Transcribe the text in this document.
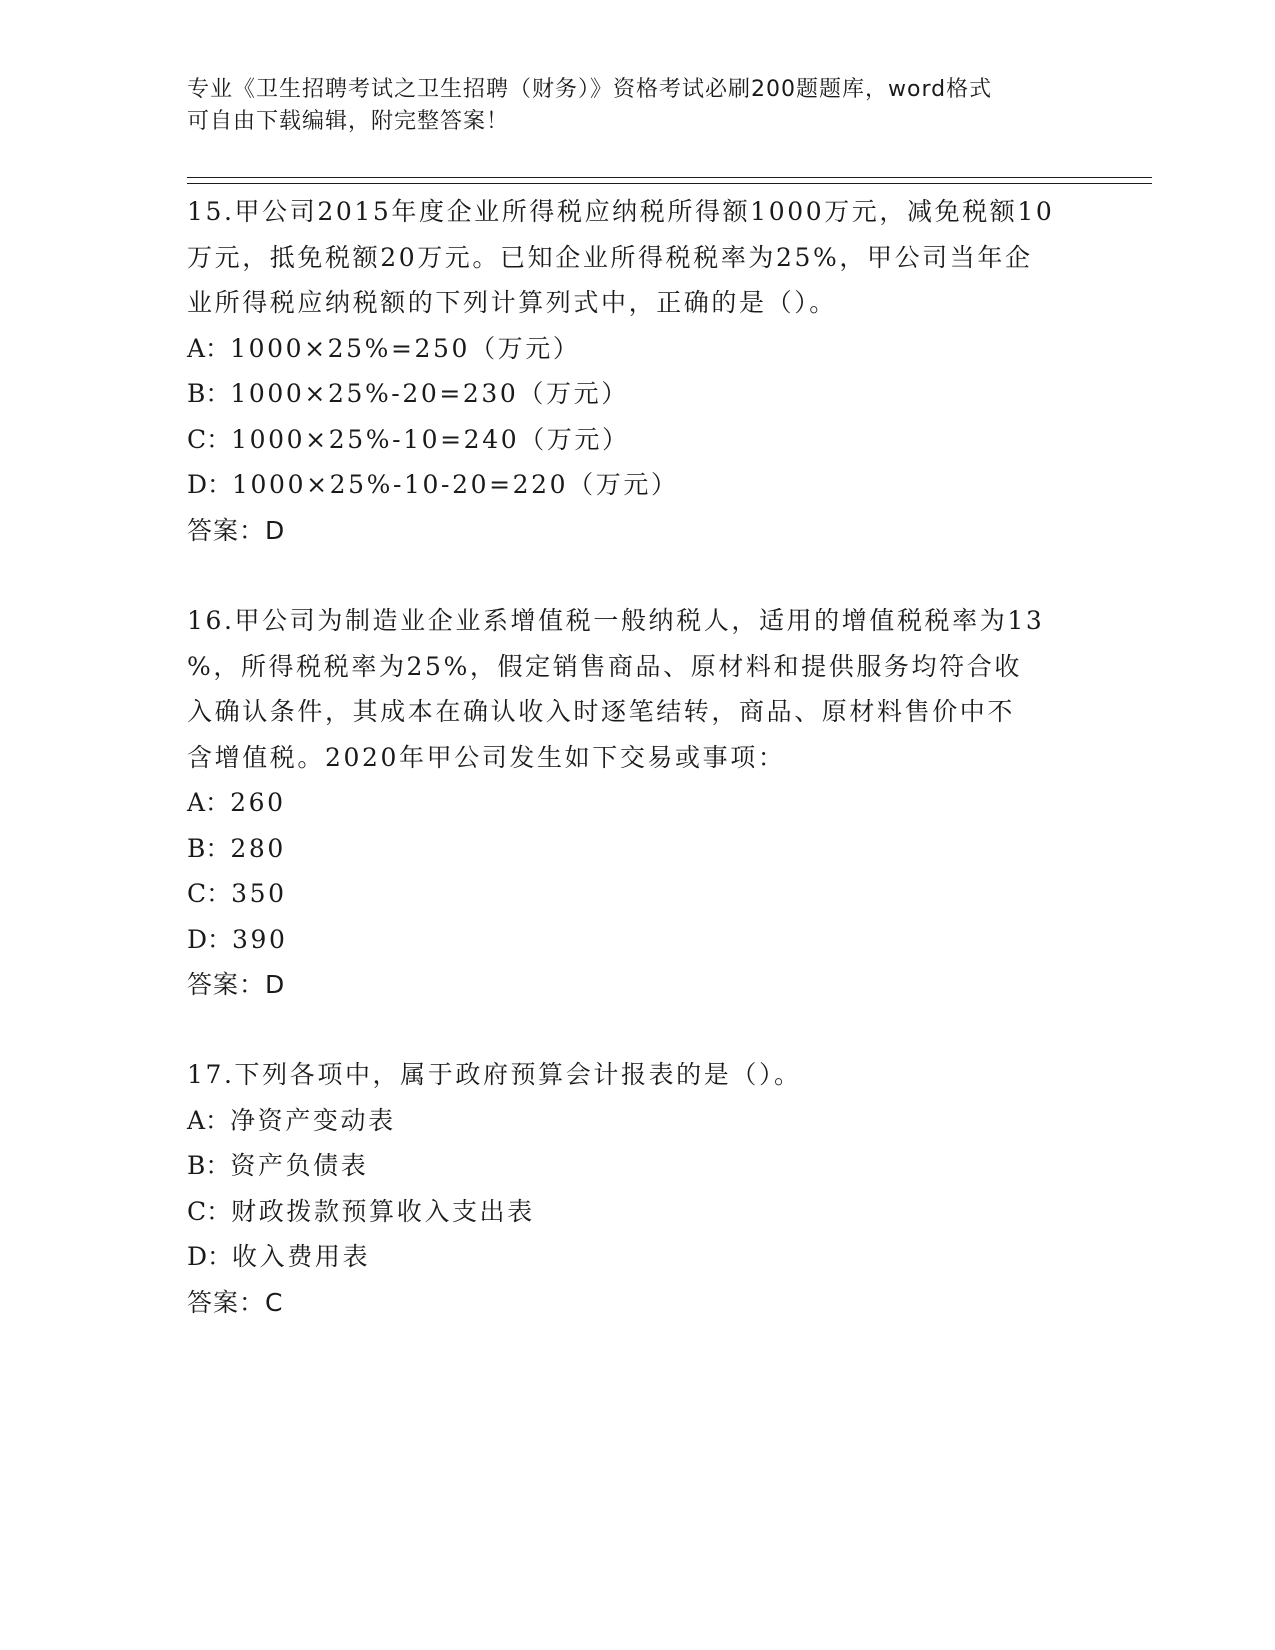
专业《卫生招聘考试之卫生招聘（财务）》资格考试必刷200题题库，word格式
可自由下载编辑，附完整答案！
15.甲公司2015年度企业所得税应纳税所得额1000万元，减免税额10
万元，抵免税额20万元。已知企业所得税税率为25%，甲公司当年企
业所得税应纳税额的下列计算列式中，正确的是（）。
A：1000×25%=250（万元）
B：1000×25%-20=230（万元）
C：1000×25%-10=240（万元）
D：1000×25%-10-20=220（万元）
答案：D
16.甲公司为制造业企业系增值税一般纳税人，适用的增值税税率为13
%，所得税税率为25%，假定销售商品、原材料和提供服务均符合收
入确认条件，其成本在确认收入时逐笔结转，商品、原材料售价中不
含增值税。2020年甲公司发生如下交易或事项：
A：260
B：280
C：350
D：390
答案：D
17.下列各项中，属于政府预算会计报表的是（）。
A：净资产变动表
B：资产负债表
C：财政拨款预算收入支出表
D：收入费用表
答案：C
